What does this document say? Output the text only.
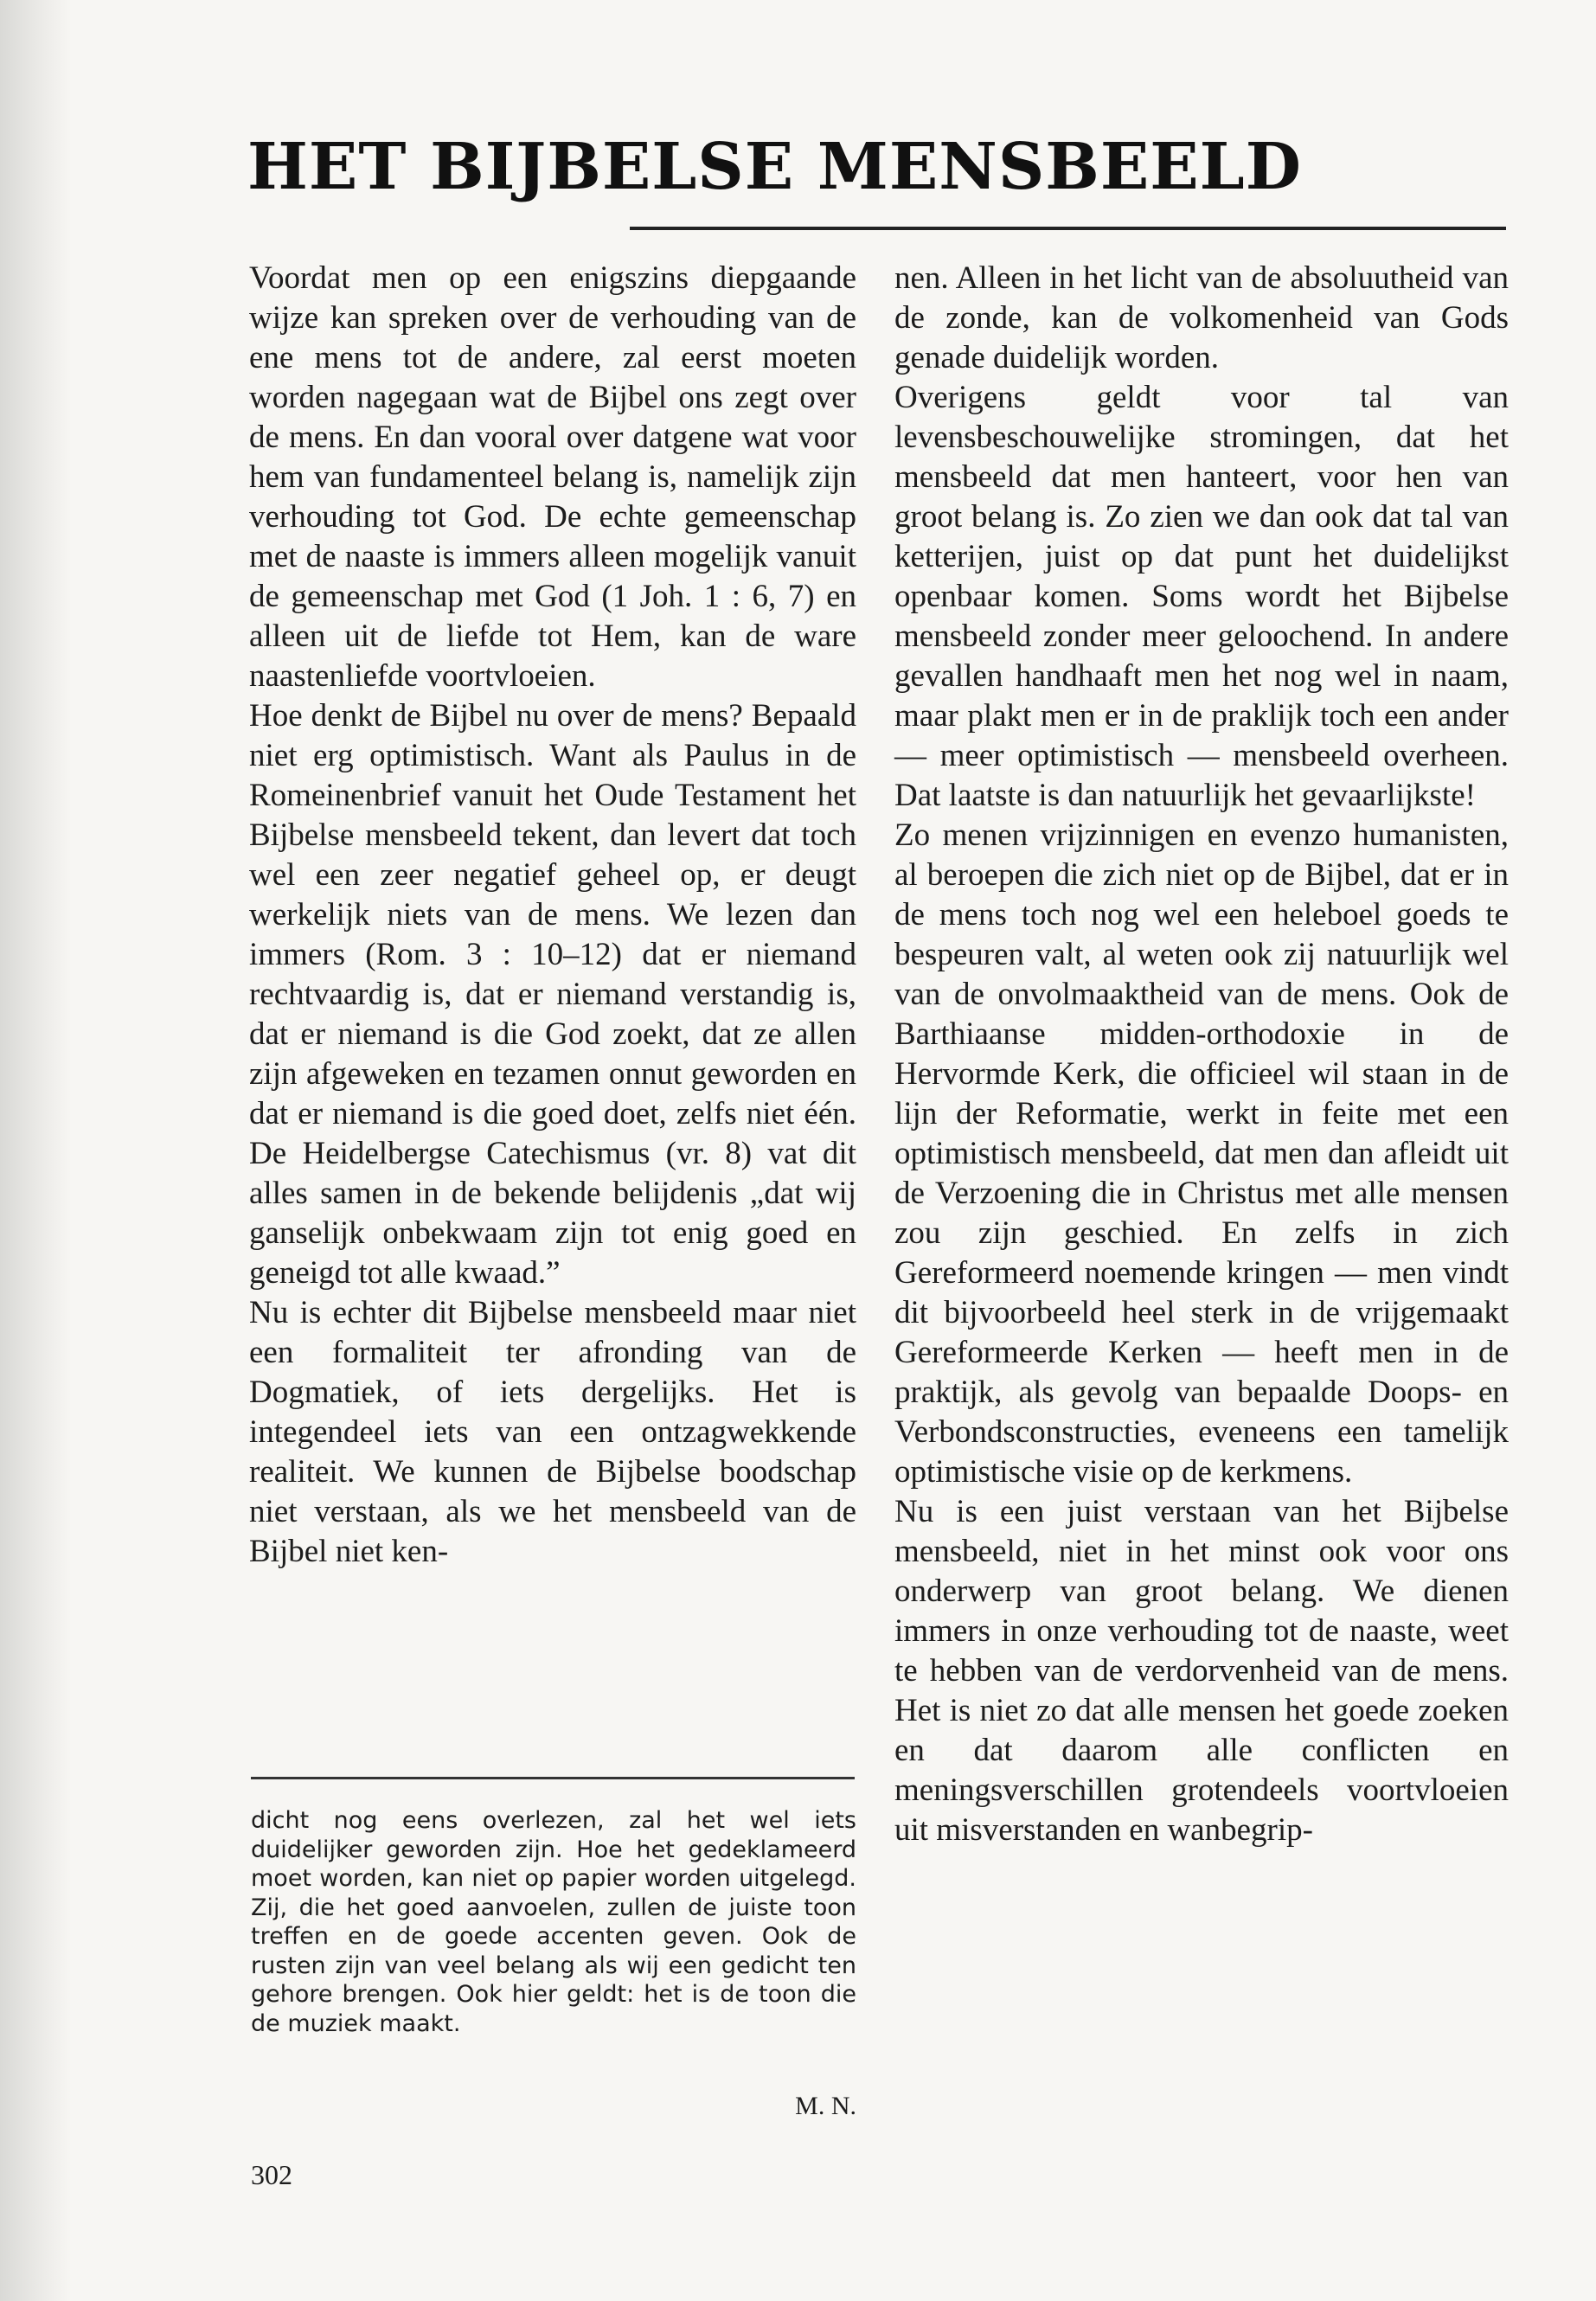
HET BIJBELSE MENSBEELD

Voordat men op een enigszins diepgaande wijze kan spreken over de verhouding van de ene mens tot de andere, zal eerst moeten worden nagegaan wat de Bijbel ons zegt over de mens. En dan vooral over datgene wat voor hem van fundamenteel belang is, namelijk zijn verhouding tot God. De echte gemeenschap met de naaste is immers alleen mogelijk vanuit de gemeenschap met God (1 Joh. 1 : 6, 7) en alleen uit de liefde tot Hem, kan de ware naastenliefde voortvloeien.

Hoe denkt de Bijbel nu over de mens? Bepaald niet erg optimistisch. Want als Paulus in de Romeinenbrief vanuit het Oude Testament het Bijbelse mensbeeld tekent, dan levert dat toch wel een zeer negatief geheel op, er deugt werkelijk niets van de mens. We lezen dan immers (Rom. 3 : 10–12) dat er niemand rechtvaardig is, dat er niemand verstandig is, dat er niemand is die God zoekt, dat ze allen zijn afgeweken en tezamen onnut geworden en dat er niemand is die goed doet, zelfs niet één. De Heidelbergse Catechismus (vr. 8) vat dit alles samen in de bekende belijdenis „dat wij ganselijk onbekwaam zijn tot enig goed en geneigd tot alle kwaad.”

Nu is echter dit Bijbelse mensbeeld maar niet een formaliteit ter afronding van de Dogmatiek, of iets dergelijks. Het is integendeel iets van een ontzagwekkende realiteit. We kunnen de Bijbelse boodschap niet verstaan, als we het mensbeeld van de Bijbel niet ken-

nen. Alleen in het licht van de absoluutheid van de zonde, kan de volkomenheid van Gods genade duidelijk worden.

Overigens geldt voor tal van levensbeschouwelijke stromingen, dat het mensbeeld dat men hanteert, voor hen van groot belang is. Zo zien we dan ook dat tal van ketterijen, juist op dat punt het duidelijkst openbaar komen. Soms wordt het Bijbelse mensbeeld zonder meer geloochend. In andere gevallen handhaaft men het nog wel in naam, maar plakt men er in de praklijk toch een ander — meer optimistisch — mensbeeld overheen. Dat laatste is dan natuurlijk het gevaarlijkste!

Zo menen vrijzinnigen en evenzo humanisten, al beroepen die zich niet op de Bijbel, dat er in de mens toch nog wel een heleboel goeds te bespeuren valt, al weten ook zij natuurlijk wel van de onvolmaaktheid van de mens. Ook de Barthiaanse midden-orthodoxie in de Hervormde Kerk, die officieel wil staan in de lijn der Reformatie, werkt in feite met een optimistisch mensbeeld, dat men dan afleidt uit de Verzoening die in Christus met alle mensen zou zijn geschied. En zelfs in zich Gereformeerd noemende kringen — men vindt dit bijvoorbeeld heel sterk in de vrijgemaakt Gereformeerde Kerken — heeft men in de praktijk, als gevolg van bepaalde Doops- en Verbondsconstructies, eveneens een tamelijk optimistische visie op de kerkmens.

Nu is een juist verstaan van het Bijbelse mensbeeld, niet in het minst ook voor ons onderwerp van groot belang. We dienen immers in onze verhouding tot de naaste, weet te hebben van de verdorvenheid van de mens. Het is niet zo dat alle mensen het goede zoeken en dat daarom alle conflicten en meningsverschillen grotendeels voortvloeien uit misverstanden en wanbegrip-

dicht nog eens overlezen, zal het wel iets duidelijker geworden zijn. Hoe het gedeklameerd moet worden, kan niet op papier worden uitgelegd. Zij, die het goed aanvoelen, zullen de juiste toon treffen en de goede accenten geven. Ook de rusten zijn van veel belang als wij een gedicht ten gehore brengen. Ook hier geldt: het is de toon die de muziek maakt.

M. N.
302
